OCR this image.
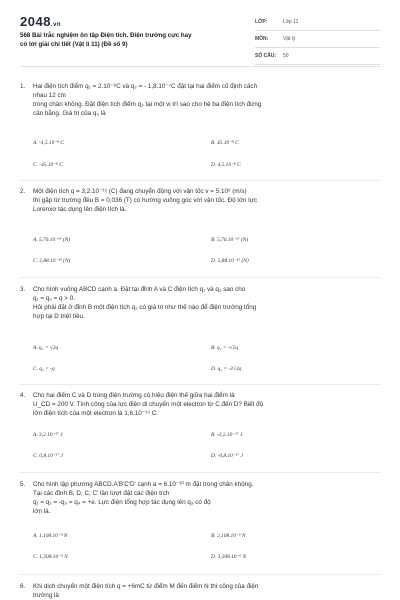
2048.vn
568 Bài trắc nghiệm ôn tập Điện tích. Điện trường cực hay
có lời giải chi tiết (Vật lí 11) (Đề số 9)
LỚP:	Lớp 11
MÔN:	Vật lý
SỐ CÂU:	50
1.	Hai điện tích điểm q₁ = 2.10⁻⁸C và q₂ = - 1,8.10⁻⁷C đặt tại hai điểm cố định cách
nhau 12 cm
trong chân không. Đặt điện tích điểm q₃ tại một vị trí sao cho hệ ba điện tích đứng
cân bằng. Giá trị của q₃ là
A. -4,5.10⁻⁸ C	B. 45.10⁻⁸ C
C. -45.10⁻⁸ C	D. 4,5.10⁻⁸ C
2.	Một điện tích q = 3,2.10⁻¹⁹ (C) đang chuyển động với vận tốc v = 5.10⁶ (m/s)
thì gặp từ trường đều B = 0,036 (T) có hướng vuông góc với vận tốc. Độ lớn lực
Lorenxơ tác dụng lên điện tích là.
A. 5,76.10⁻¹⁴ (N)	B. 5,76.10⁻¹⁵ (N)
C. 2,88.10⁻¹⁴ (N)	D. 2,88.10⁻¹⁵ (N)
3.	Cho hình vuông ABCD cạnh a. Đặt tại đỉnh A và C điện tích q₁ và q₃ sao cho
q₁ = q₃ = q > 0.
Hỏi phải đặt ở đỉnh B một điện tích q₂ có giá trị như thế nào để điện trường tổng
hợp tại D triệt tiêu.
A. q₂ = √2q	B. q₂ = -√2q
C. q₂ = -q	D. q₂ = -2√2q
4.	Cho hai điểm C và D trong điện trường có hiệu điện thế giữa hai điểm là
U_CD = 200 V. Tính công của lực điện di chuyển một electron từ C đến D? Biết độ
lớn điện tích của một electron là 1,6.10⁻¹⁹ C.
A. 3,2.10⁻¹⁷ J	B. -3,2.10⁻¹⁷ J
C. 0,8.10⁻¹⁷ J	D. -0,8.10⁻¹⁷ J
5.	Cho hình lập phương ABCD.A'B'C'D' cạnh a = 6.10⁻¹⁰ m đặt trong chân không.
Tại các đỉnh B, D, C, C' lần lượt đặt các điện tích
q₁ = q₂ = -q₃ = q₄ = +e. Lực điện tổng hợp tác dụng lên q₃ có độ
lớn là.
A. 1,108.10⁻⁹ N	B. 2,108.10⁻⁹ N
C. 1,508.10⁻⁹ N	D. 3,508.10⁻⁹ N
6.	Khi dịch chuyển một điện tích q = +6mC từ điểm M đến điểm N thì công của điện
trường là
